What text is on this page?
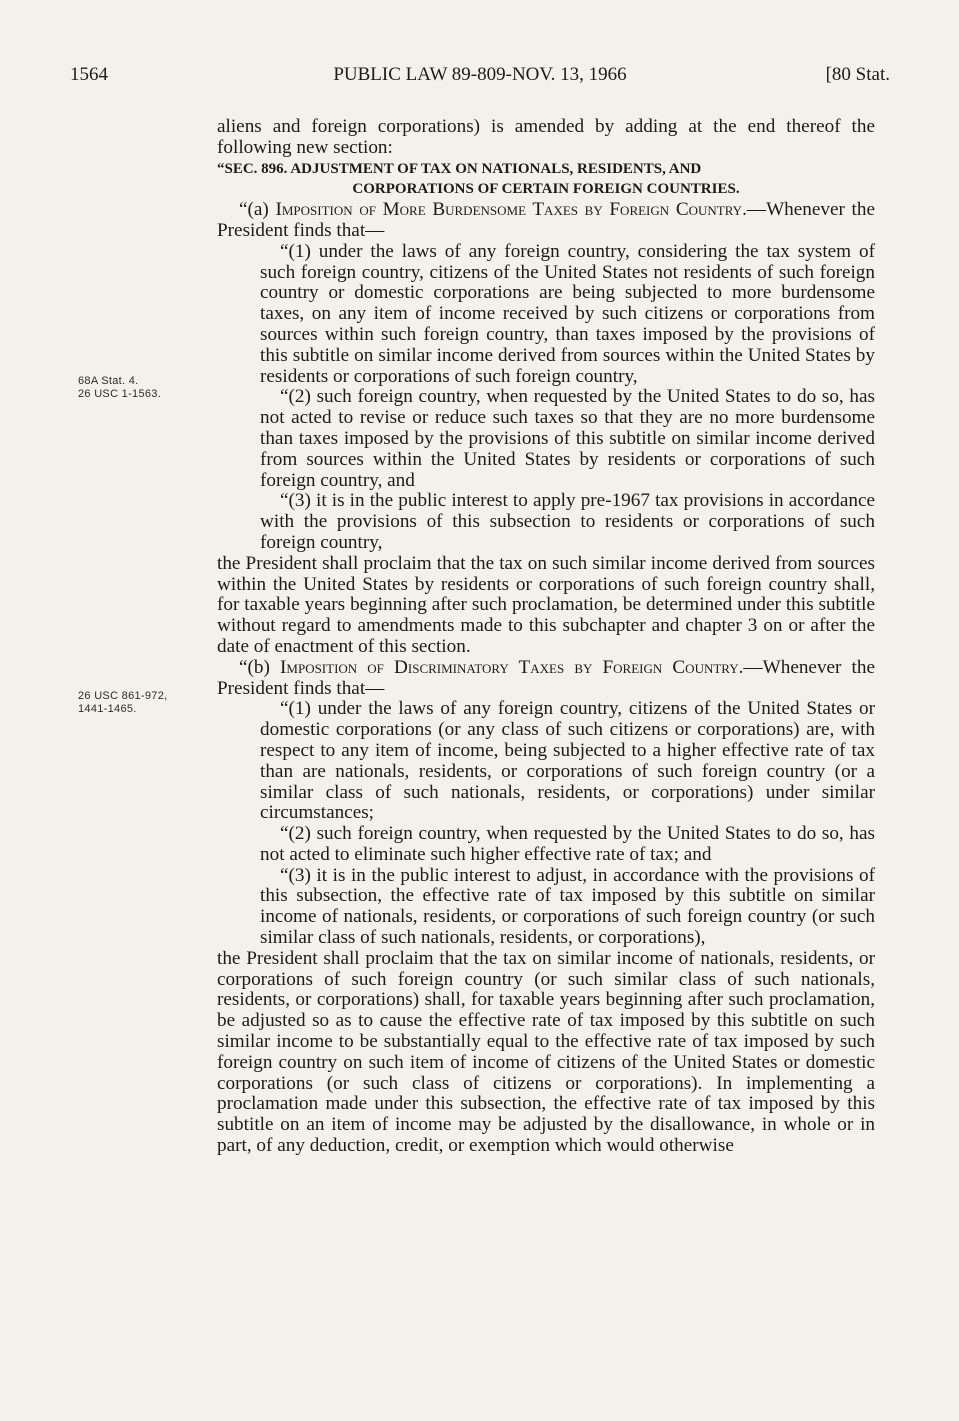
1564	PUBLIC LAW 89-809-NOV. 13, 1966	[80 Stat.
68A Stat. 4.
26 USC 1-1563.
26 USC 861-972,
1441-1465.

aliens and foreign corporations) is amended by adding at the end thereof the following new section:

“SEC. 896. ADJUSTMENT OF TAX ON NATIONALS, RESIDENTS, AND
CORPORATIONS OF CERTAIN FOREIGN COUNTRIES.

“(a) Imposition of More Burdensome Taxes by Foreign Country.—Whenever the President finds that—

“(1) under the laws of any foreign country, considering the tax system of such foreign country, citizens of the United States not residents of such foreign country or domestic corporations are being subjected to more burdensome taxes, on any item of income received by such citizens or corporations from sources within such foreign country, than taxes imposed by the provisions of this subtitle on similar income derived from sources within the United States by residents or corporations of such foreign country,

“(2) such foreign country, when requested by the United States to do so, has not acted to revise or reduce such taxes so that they are no more burdensome than taxes imposed by the provisions of this subtitle on similar income derived from sources within the United States by residents or corporations of such foreign country, and

“(3) it is in the public interest to apply pre-1967 tax provisions in accordance with the provisions of this subsection to residents or corporations of such foreign country,

the President shall proclaim that the tax on such similar income derived from sources within the United States by residents or corporations of such foreign country shall, for taxable years beginning after such proclamation, be determined under this subtitle without regard to amendments made to this subchapter and chapter 3 on or after the date of enactment of this section.

“(b) Imposition of Discriminatory Taxes by Foreign Country.—Whenever the President finds that—

“(1) under the laws of any foreign country, citizens of the United States or domestic corporations (or any class of such citizens or corporations) are, with respect to any item of income, being subjected to a higher effective rate of tax than are nationals, residents, or corporations of such foreign country (or a similar class of such nationals, residents, or corporations) under similar circumstances;

“(2) such foreign country, when requested by the United States to do so, has not acted to eliminate such higher effective rate of tax; and

“(3) it is in the public interest to adjust, in accordance with the provisions of this subsection, the effective rate of tax imposed by this subtitle on similar income of nationals, residents, or corporations of such foreign country (or such similar class of such nationals, residents, or corporations),

the President shall proclaim that the tax on similar income of nationals, residents, or corporations of such foreign country (or such similar class of such nationals, residents, or corporations) shall, for taxable years beginning after such proclamation, be adjusted so as to cause the effective rate of tax imposed by this subtitle on such similar income to be substantially equal to the effective rate of tax imposed by such foreign country on such item of income of citizens of the United States or domestic corporations (or such class of citizens or corporations). In implementing a proclamation made under this subsection, the effective rate of tax imposed by this subtitle on an item of income may be adjusted by the disallowance, in whole or in part, of any deduction, credit, or exemption which would otherwise
